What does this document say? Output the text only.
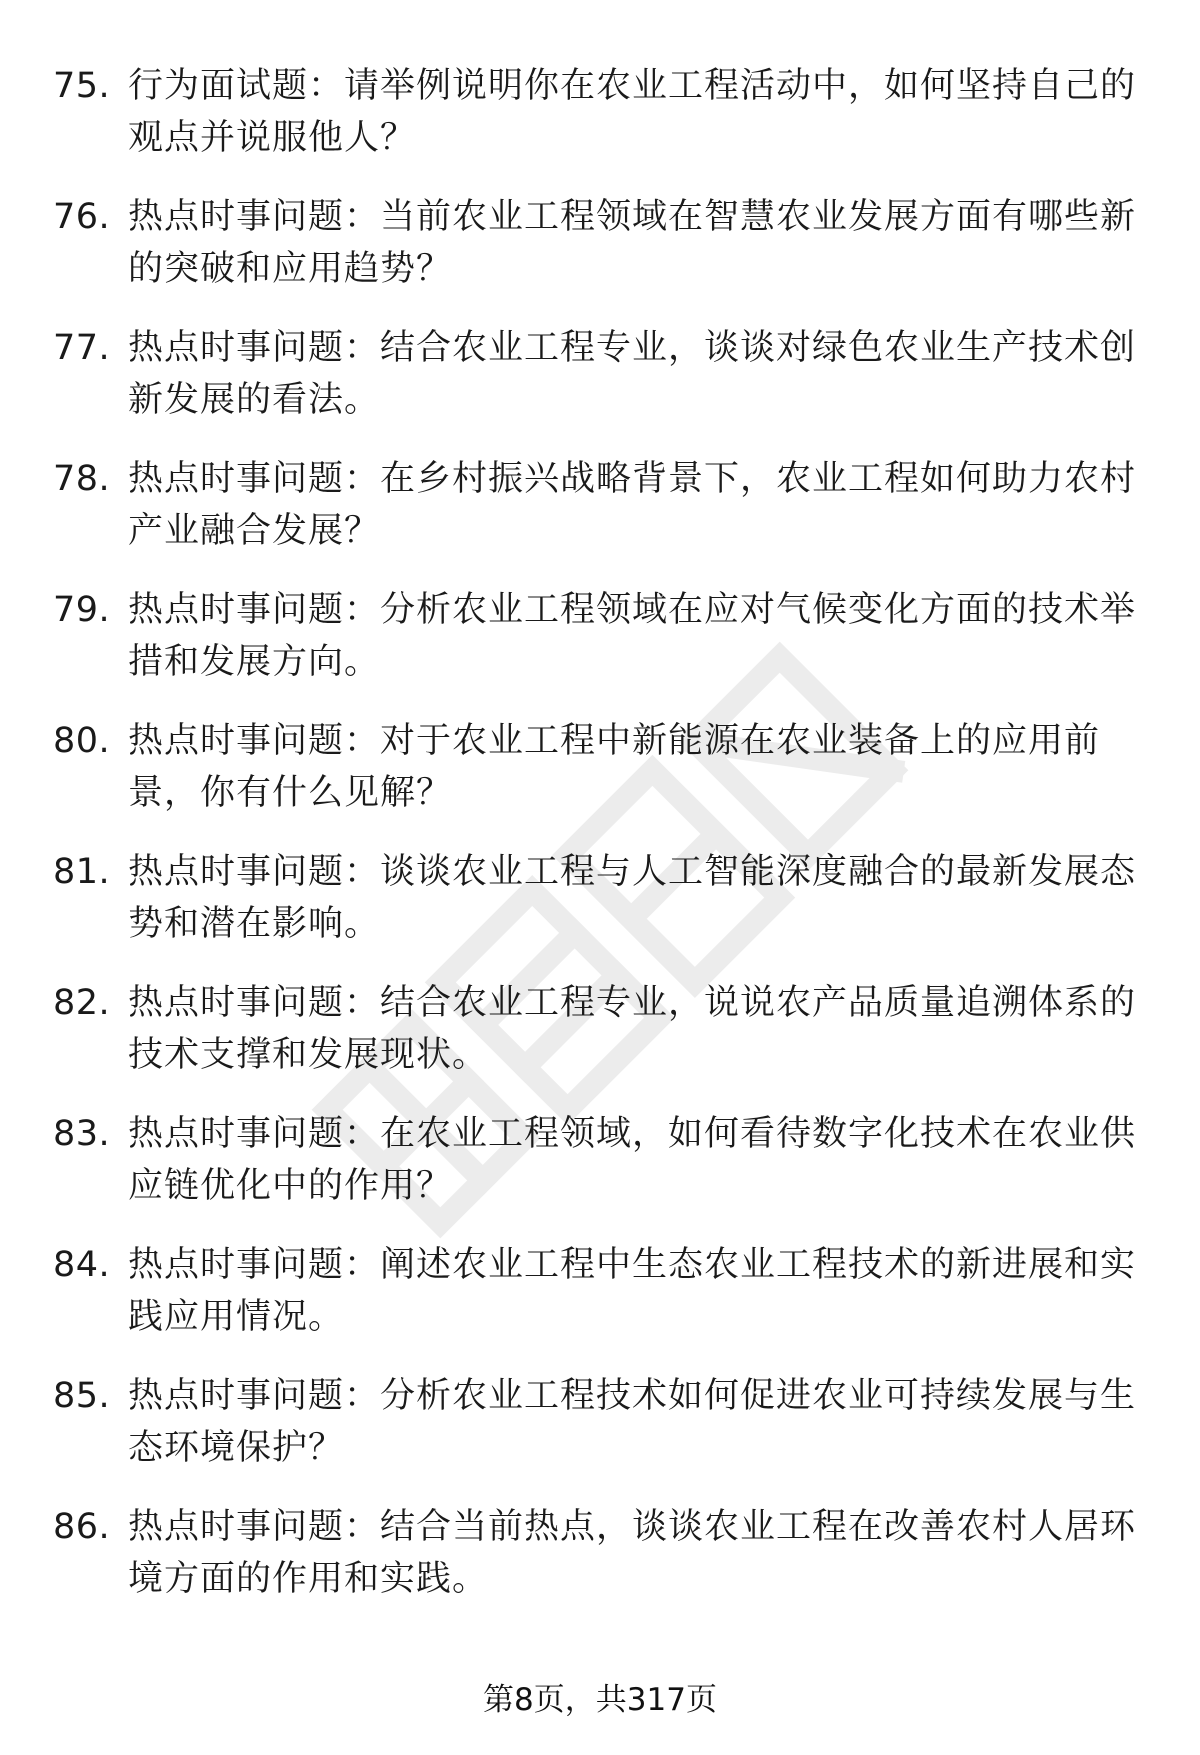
75. 行为面试题：请举例说明你在农业工程活动中，如何坚持自己的观点并说服他人？
76. 热点时事问题：当前农业工程领域在智慧农业发展方面有哪些新的突破和应用趋势？
77. 热点时事问题：结合农业工程专业，谈谈对绿色农业生产技术创新发展的看法。
78. 热点时事问题：在乡村振兴战略背景下，农业工程如何助力农村产业融合发展？
79. 热点时事问题：分析农业工程领域在应对气候变化方面的技术举措和发展方向。
80. 热点时事问题：对于农业工程中新能源在农业装备上的应用前景，你有什么见解？
81. 热点时事问题：谈谈农业工程与人工智能深度融合的最新发展态势和潜在影响。
82. 热点时事问题：结合农业工程专业，说说农产品质量追溯体系的技术支撑和发展现状。
83. 热点时事问题：在农业工程领域，如何看待数字化技术在农业供应链优化中的作用？
84. 热点时事问题：阐述农业工程中生态农业工程技术的新进展和实践应用情况。
85. 热点时事问题：分析农业工程技术如何促进农业可持续发展与生态环境保护？
86. 热点时事问题：结合当前热点，谈谈农业工程在改善农村人居环境方面的作用和实践。
第8页，共317页
